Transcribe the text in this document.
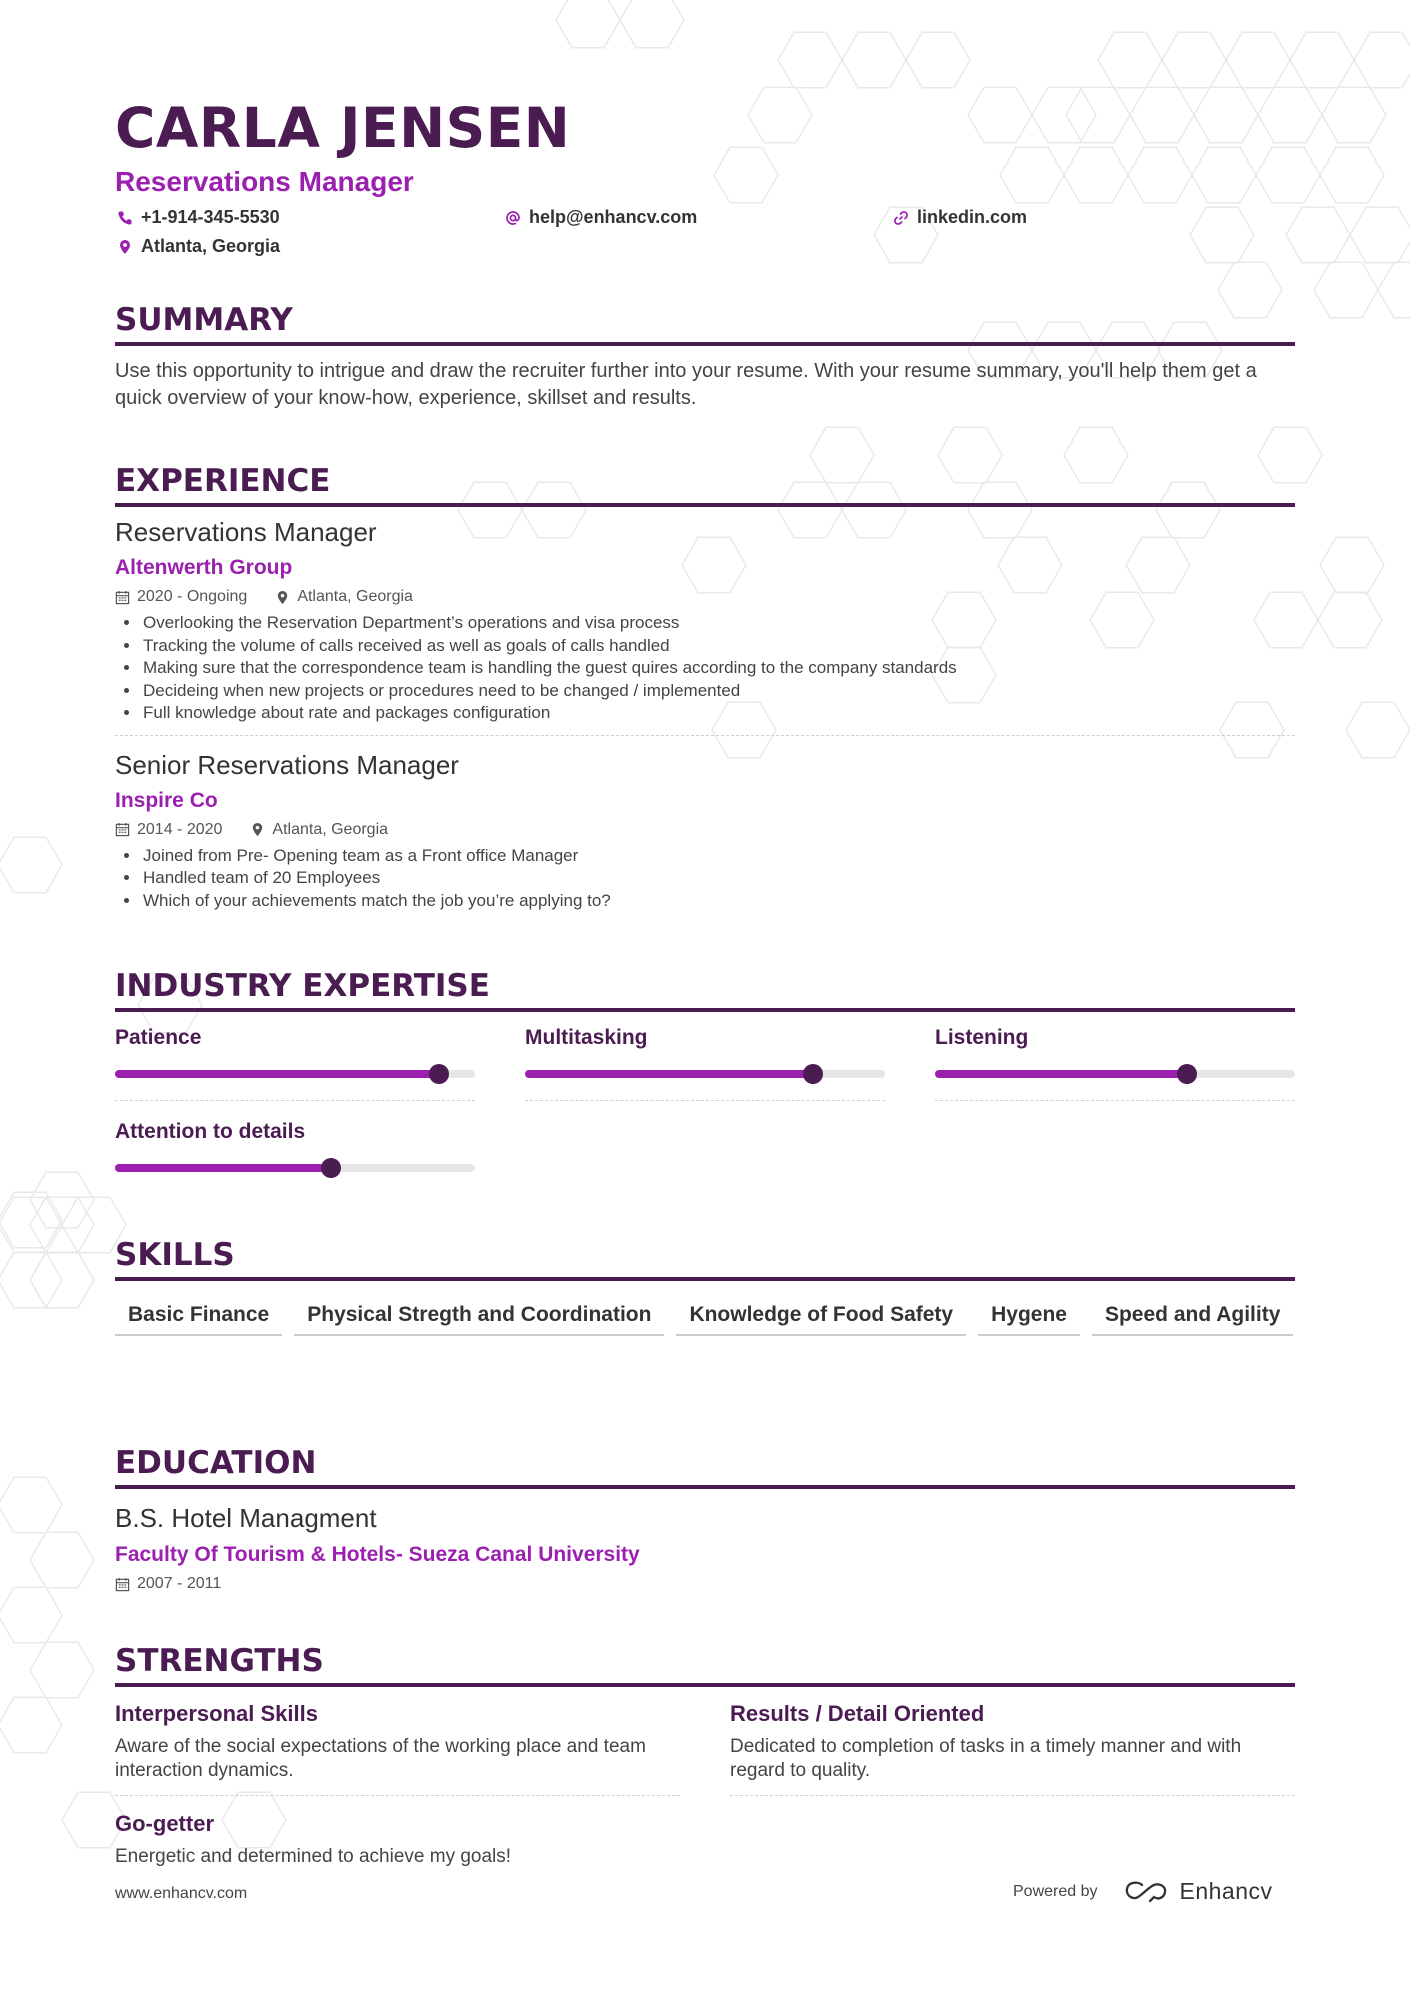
CARLA JENSEN
Reservations Manager
+1-914-345-5530	help@enhancv.com	linkedin.com
Atlanta, Georgia
SUMMARY

Use this opportunity to intrigue and draw the recruiter further into your resume. With your resume summary, you'll help them get a quick overview of your know-how, experience, skillset and results.

EXPERIENCE
Reservations Manager
Altenwerth Group
2020 - Ongoing	Atlanta, Georgia
• Overlooking the Reservation Department’s operations and visa process
• Tracking the volume of calls received as well as goals of calls handled
• Making sure that the correspondence team is handling the guest quires according to the company standards
• Decideing when new projects or procedures need to be changed / implemented
• Full knowledge about rate and packages configuration
Senior Reservations Manager
Inspire Co
2014 - 2020	Atlanta, Georgia
• Joined from Pre- Opening team as a Front office Manager
• Handled team of 20 Employees
• Which of your achievements match the job you’re applying to?
INDUSTRY EXPERTISE
Patience	Multitasking	Listening
Attention to details
SKILLS
Basic Finance	Physical Stregth and Coordination	Knowledge of Food Safety	Hygene	Speed and Agility
EDUCATION
B.S. Hotel Managment
Faculty Of Tourism & Hotels- Sueza Canal University
2007 - 2011
STRENGTHS
Interpersonal Skills
Aware of the social expectations of the working place and team interaction dynamics.
Results / Detail Oriented
Dedicated to completion of tasks in a timely manner and with regard to quality.
Go-getter
Energetic and determined to achieve my goals!
www.enhancv.com	Powered by	Enhancv
